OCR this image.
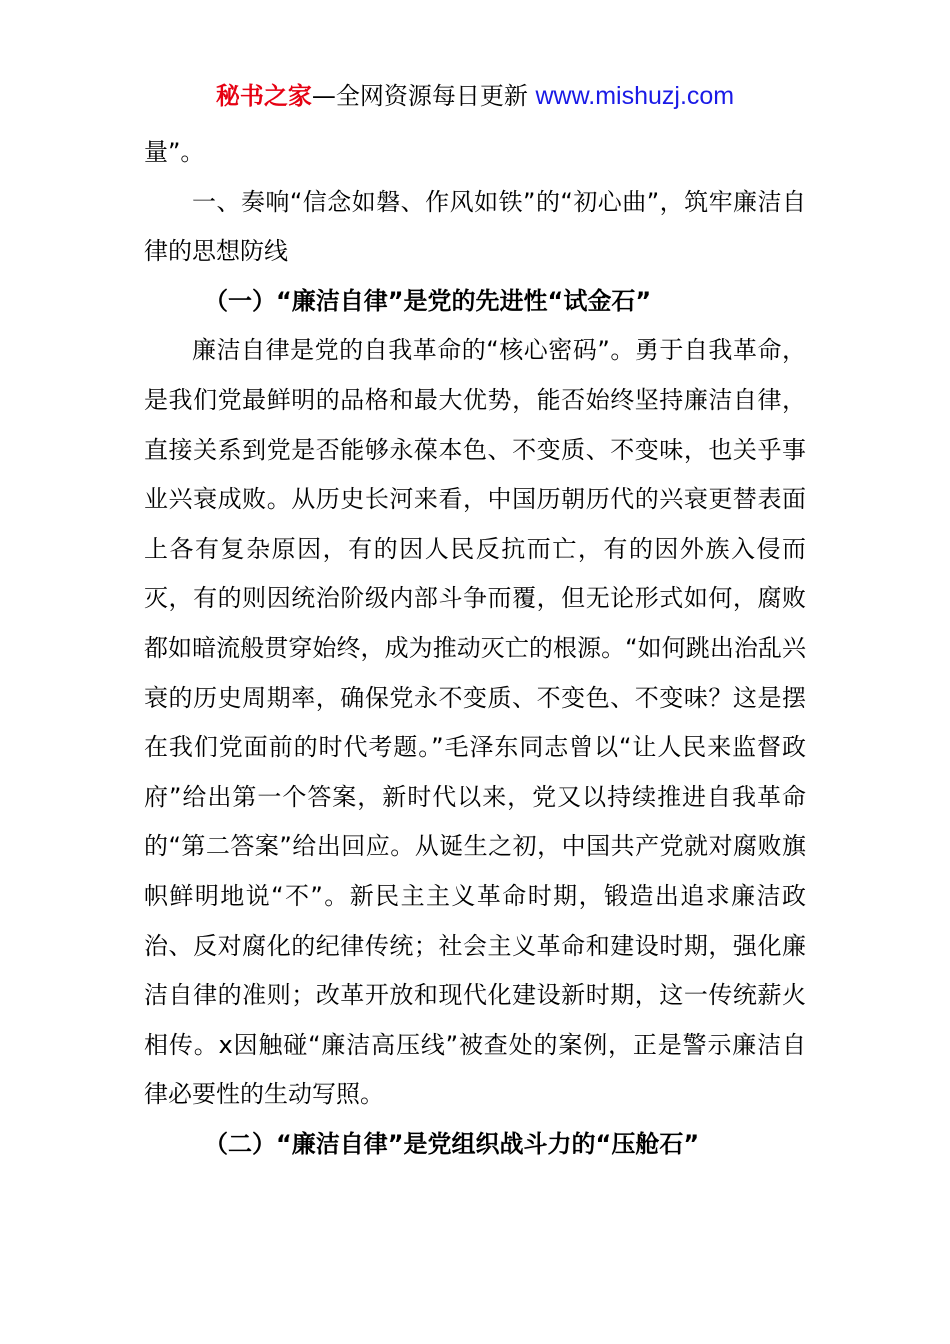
秘书之家—全网资源每日更新 www.mishuzj.com

量”。

一、奏响“信念如磐、作风如铁”的“初心曲”，筑牢廉洁自律的思想防线

（一）“廉洁自律”是党的先进性“试金石”

廉洁自律是党的自我革命的“核心密码”。勇于自我革命，是我们党最鲜明的品格和最大优势，能否始终坚持廉洁自律，直接关系到党是否能够永葆本色、不变质、不变味，也关乎事业兴衰成败。从历史长河来看，中国历朝历代的兴衰更替表面上各有复杂原因，有的因人民反抗而亡，有的因外族入侵而灭，有的则因统治阶级内部斗争而覆，但无论形式如何，腐败都如暗流般贯穿始终，成为推动灭亡的根源。“如何跳出治乱兴衰的历史周期率，确保党永不变质、不变色、不变味？这是摆在我们党面前的时代考题。”毛泽东同志曾以“让人民来监督政府”给出第一个答案，新时代以来，党又以持续推进自我革命的“第二答案”给出回应。从诞生之初，中国共产党就对腐败旗帜鲜明地说“不”。新民主主义革命时期，锻造出追求廉洁政治、反对腐化的纪律传统；社会主义革命和建设时期，强化廉洁自律的准则；改革开放和现代化建设新时期，这一传统薪火相传。x因触碰“廉洁高压线”被查处的案例，正是警示廉洁自律必要性的生动写照。

（二）“廉洁自律”是党组织战斗力的“压舱石”
